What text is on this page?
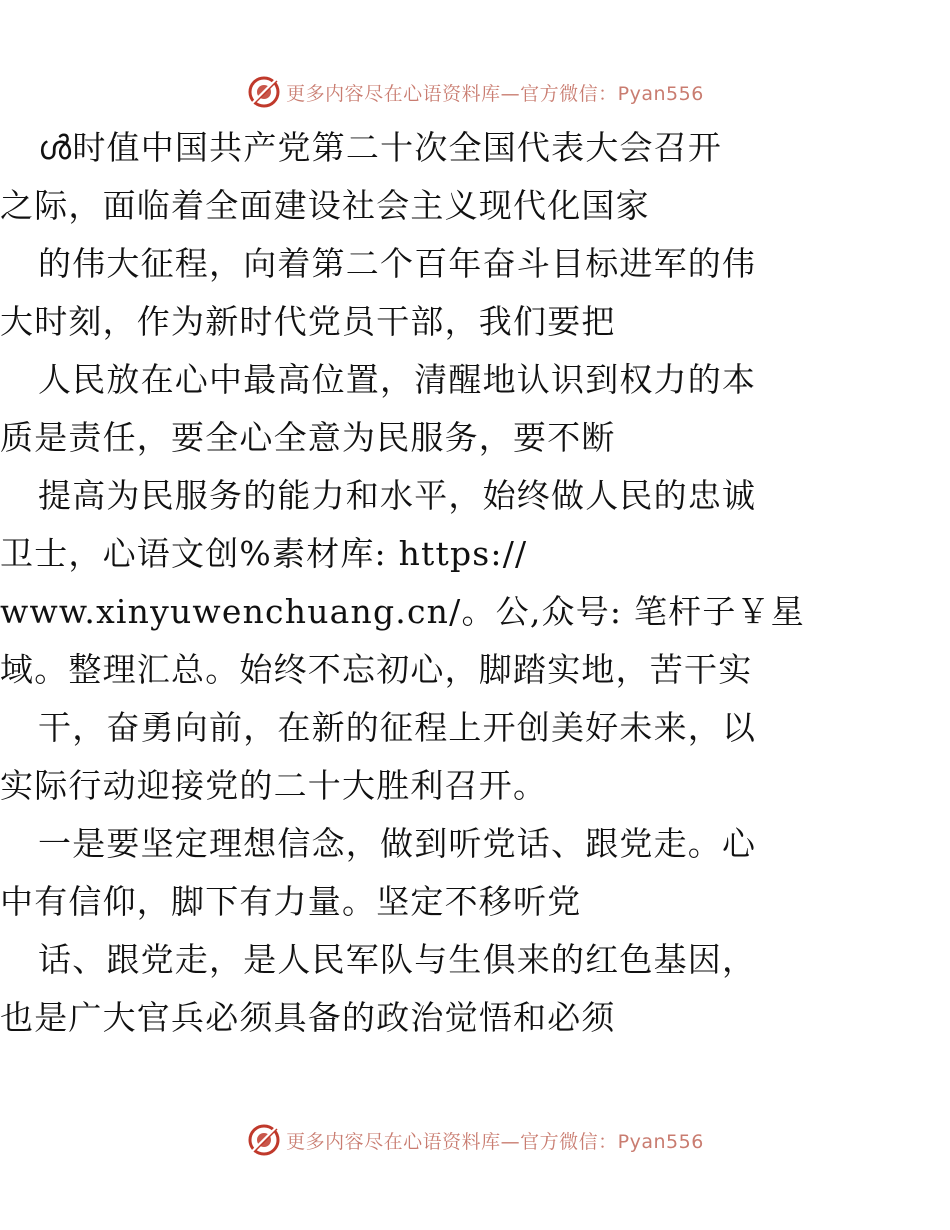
更多内容尽在心语资料库—官方微信：Pyan556
ൾ时值中国共产党第二十次全国代表大会召开
之际，面临着全面建设社会主义现代化国家
的伟大征程，向着第二个百年奋斗目标进军的伟
大时刻，作为新时代党员干部，我们要把
人民放在心中最高位置，清醒地认识到权力的本
质是责任，要全心全意为民服务，要不断
提高为民服务的能力和水平，始终做人民的忠诚
卫士，心语文创%素材库: https://
www.xinyuwenchuang.cn/。公,众号: 笔杆子￥星
域。整理汇总。始终不忘初心，脚踏实地，苦干实
干，奋勇向前，在新的征程上开创美好未来，以
实际行动迎接党的二十大胜利召开。
一是要坚定理想信念，做到听党话、跟党走。心
中有信仰，脚下有力量。坚定不移听党
话、跟党走，是人民军队与生俱来的红色基因，
也是广大官兵必须具备的政治觉悟和必须
更多内容尽在心语资料库—官方微信：Pyan556
